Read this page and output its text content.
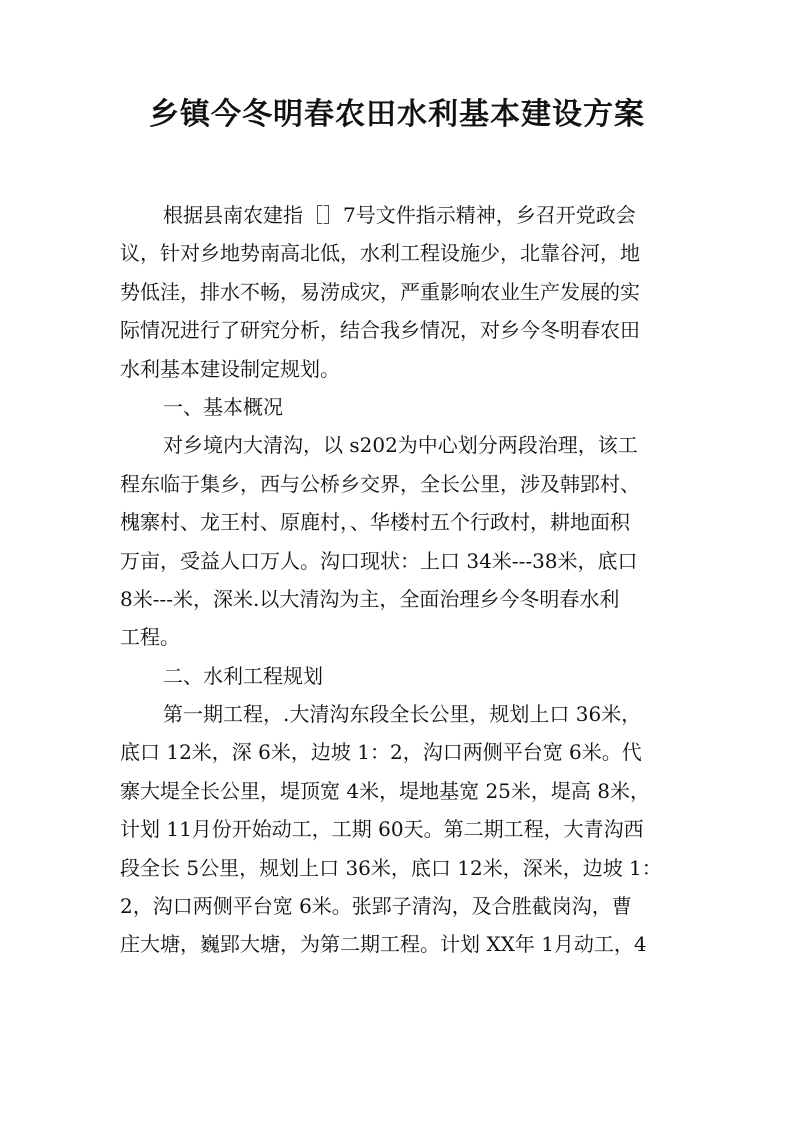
乡镇今冬明春农田水利基本建设方案
根据县南农建指［］7号文件指示精神，乡召开党政会
议，针对乡地势南高北低，水利工程设施少，北靠谷河，地
势低洼，排水不畅，易涝成灾，严重影响农业生产发展的实
际情况进行了研究分析，结合我乡情况，对乡今冬明春农田
水利基本建设制定规划。
一、基本概况
对乡境内大清沟，以 s202为中心划分两段治理，该工
程东临于集乡，西与公桥乡交界，全长公里，涉及韩郢村、
槐寨村、龙王村、原鹿村，、华楼村五个行政村，耕地面积
万亩，受益人口万人。沟口现状：上口 34米---38米，底口
8米---米，深米.以大清沟为主，全面治理乡今冬明春水利
工程。
二、水利工程规划
第一期工程，.大清沟东段全长公里，规划上口 36米，
底口 12米，深 6米，边坡 1：2，沟口两侧平台宽 6米。代
寨大堤全长公里，堤顶宽 4米，堤地基宽 25米，堤高 8米，
计划 11月份开始动工，工期 60天。第二期工程，大青沟西
段全长 5公里，规划上口 36米，底口 12米，深米，边坡 1：
2，沟口两侧平台宽 6米。张郢子清沟，及合胜截岗沟，曹
庄大塘，巍郢大塘，为第二期工程。计划 XX年 1月动工，4
